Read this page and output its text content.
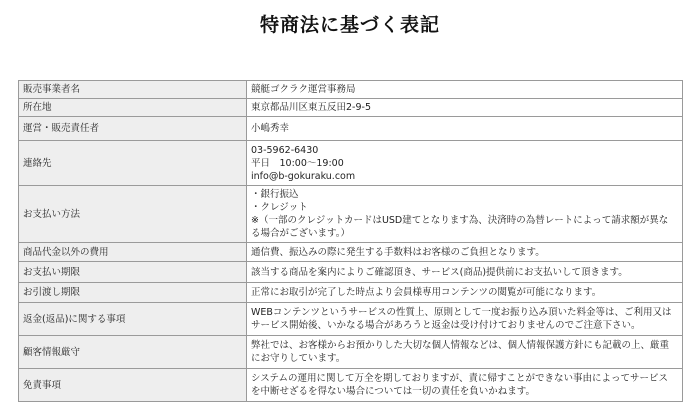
特商法に基づく表記
販売事業者名	競艇ゴクラク運営事務局

所在地	東京都品川区東五反田2-9-5

運営・販売責任者	小嶋秀幸

連絡先	03-5962-6430
平日　10:00～19:00
info@b-gokuraku.com

お支払い方法	・銀行振込
・クレジット
※（一部のクレジットカードはUSD建てとなります為、決済時の為替レートによって請求額が異なる場合がございます。）

商品代金以外の費用	通信費、振込みの際に発生する手数料はお客様のご負担となります。

お支払い期限	該当する商品を案内によりご確認頂き、サービス(商品)提供前にお支払いして頂きます。

お引渡し期限	正常にお取引が完了した時点より会員様専用コンテンツの閲覧が可能になります。

返金(返品)に関する事項	WEBコンテンツというサービスの性質上、原則として一度お振り込み頂いた料金等は、ご利用又はサービス開始後、いかなる場合があろうと返金は受け付けておりませんのでご注意下さい。

顧客情報厳守	弊社では、お客様からお預かりした大切な個人情報などは、個人情報保護方針にも記載の上、厳重にお守りしています。

免責事項	システムの運用に関して万全を期しておりますが、責に帰すことができない事由によってサービスを中断せざるを得ない場合については一切の責任を負いかねます。
